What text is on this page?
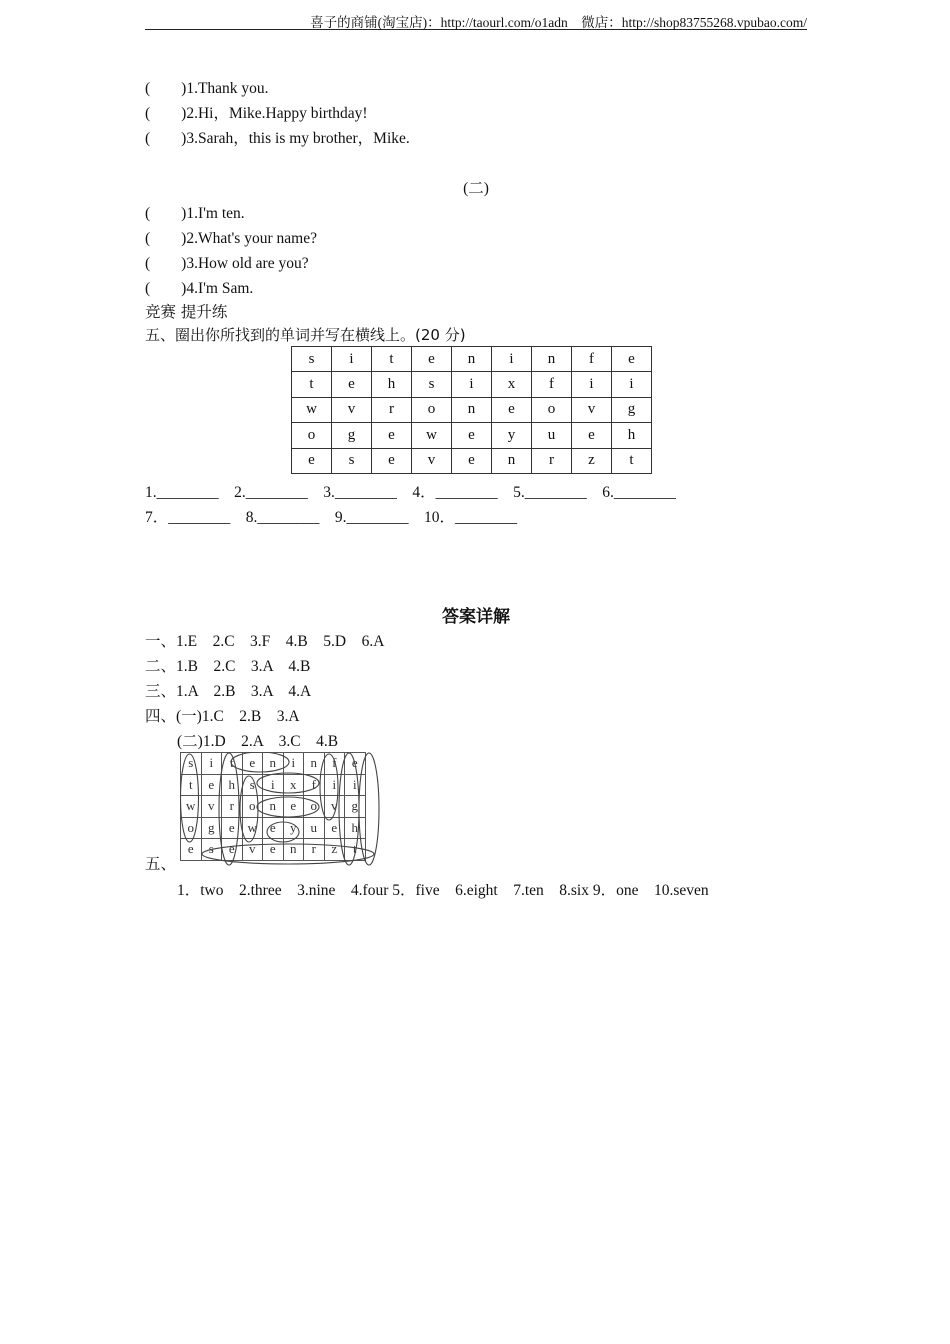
喜子的商铺(淘宝店)：http://taourl.com/o1adn　微店：http://shop83755268.vpubao.com/
(　　)1.Thank you.
(　　)2.Hi，Mike.Happy birthday!
(　　)3.Sarah，this is my brother，Mike.
(二)
(　　)1.I'm ten.
(　　)2.What's your name?
(　　)3.How old are you?
(　　)4.I'm Sam.
竞赛 提升练
五、圈出你所找到的单词并写在横线上。(20 分)
s	i	t	e	n	i	n	f	e
t	e	h	s	i	x	f	i	i
w	v	r	o	n	e	o	v	g
o	g	e	w	e	y	u	e	h
e	s	e	v	e	n	r	z	t
1.________　2.________　3.________　4．________　5.________　6.________
7．________　8.________　9.________　10．________
答案详解
一、1.E　2.C　3.F　4.B　5.D　6.A
二、1.B　2.C　3.A　4.B
三、1.A　2.B　3.A　4.A
四、(一)1.C　2.B　3.A
(二)1.D　2.A　3.C　4.B
s	i	t	e	n	i	n	f	e
t	e	h	s	i	x	f	i	i
w	v	r	o	n	e	o	v	g
o	g	e	w	e	y	u	e	h
e	s	e	v	e	n	r	z	t
五、
1．two　2.three　3.nine　4.four 5．five　6.eight　7.ten　8.six 9．one　10.seven
